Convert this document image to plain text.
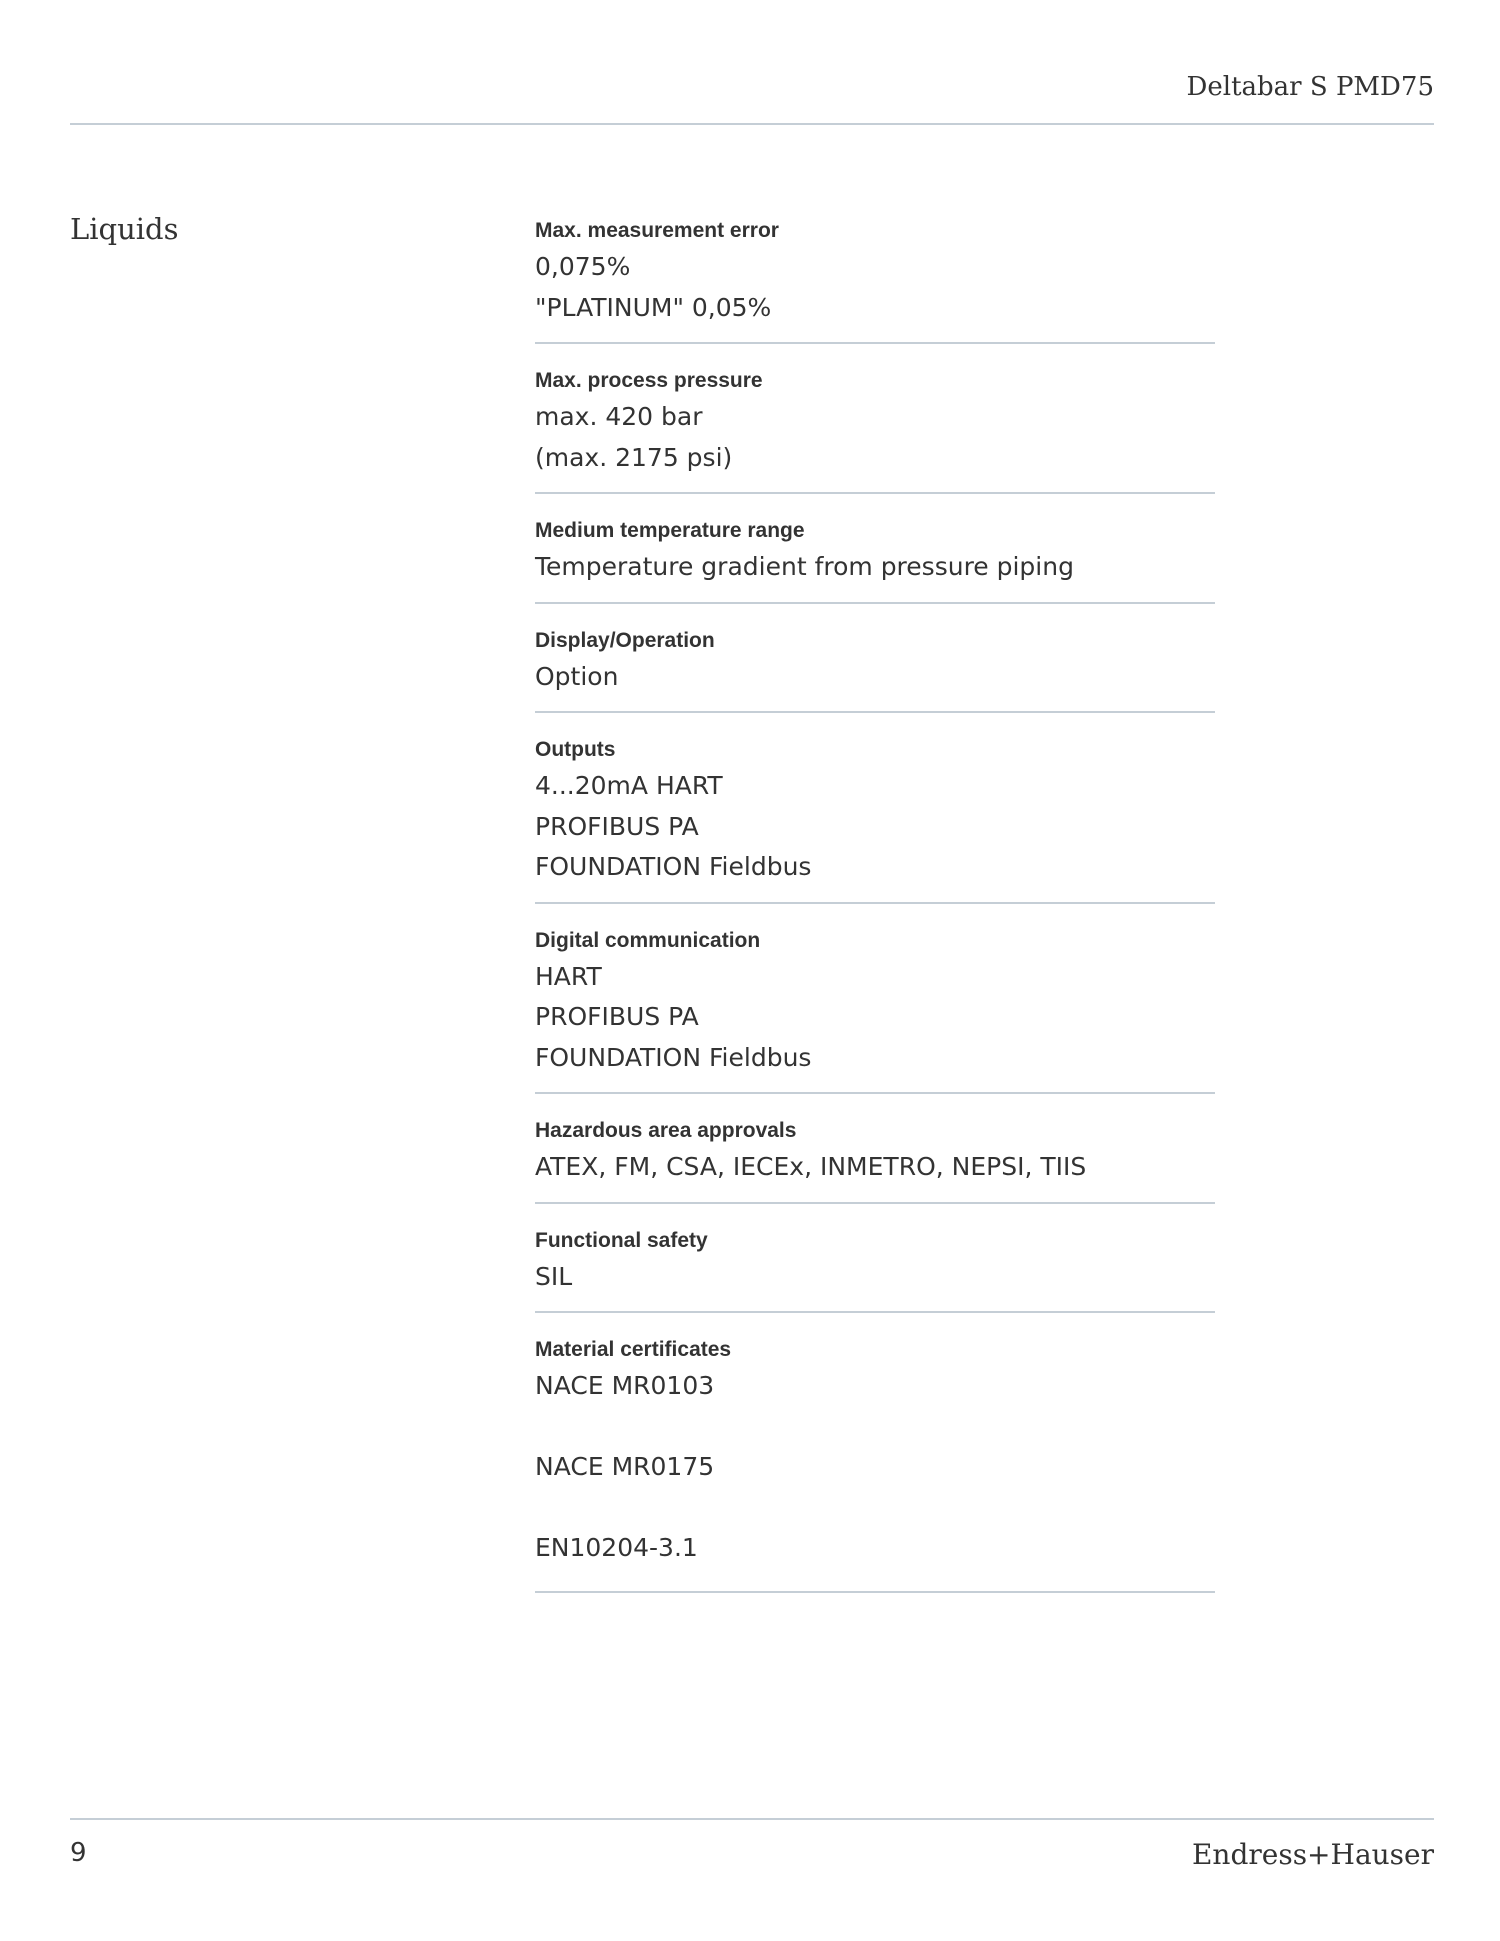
Deltabar S PMD75
Liquids	Max. measurement error
0,075%
"PLATINUM" 0,05%
Max. process pressure
max. 420 bar
(max. 2175 psi)
Medium temperature range
Temperature gradient from pressure piping
Display/Operation
Option
Outputs
4...20mA HART
PROFIBUS PA
FOUNDATION Fieldbus
Digital communication
HART
PROFIBUS PA
FOUNDATION Fieldbus
Hazardous area approvals
ATEX, FM, CSA, IECEx, INMETRO, NEPSI, TIIS
Functional safety
SIL
Material certificates
NACE MR0103
NACE MR0175
EN10204-3.1
9	Endress+Hauser
